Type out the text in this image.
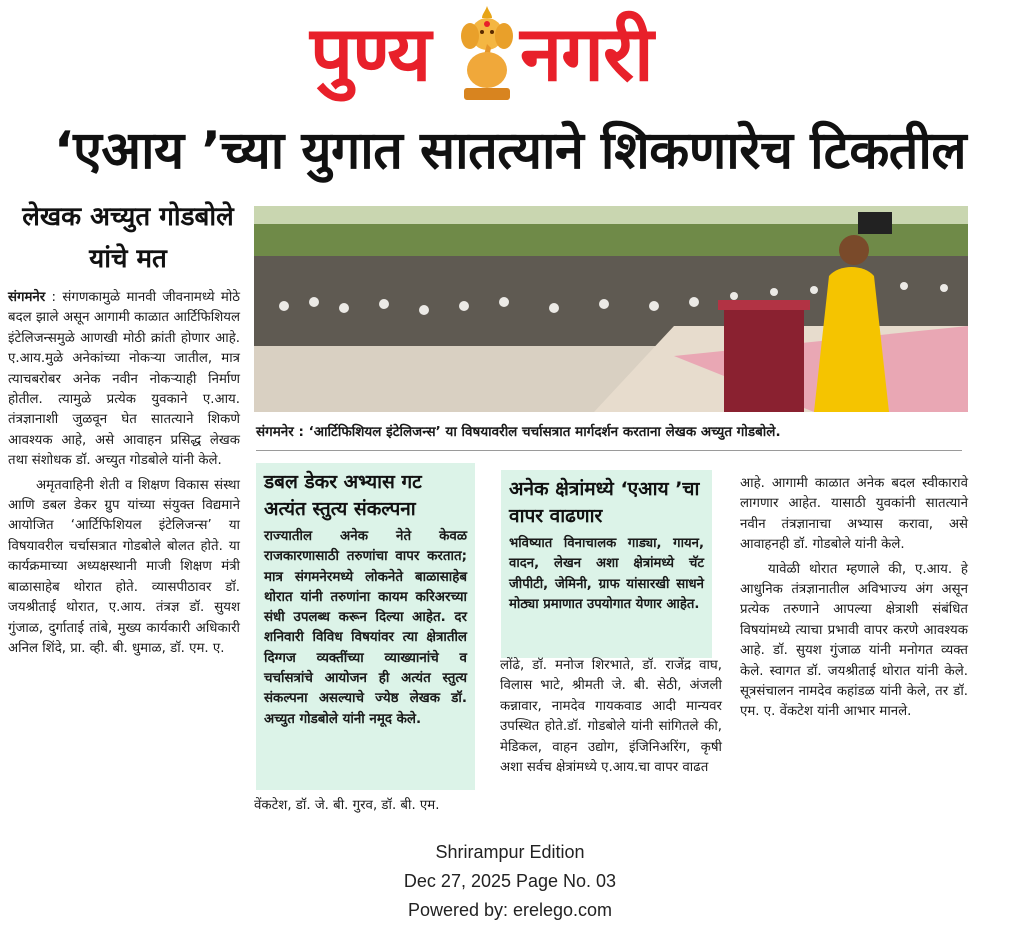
पुण्य नगरी
‘एआय ’च्या युगात सातत्याने शिकणारेच टिकतील
लेखक अच्युत गोडबोले यांचे मत

संगमनेर : संगणकामुळे मानवी जीवनामध्ये मोठे बदल झाले असून आगामी काळात आर्टिफिशियल इंटेलिजन्समुळे आणखी मोठी क्रांती होणार आहे. ए.आय.मुळे अनेकांच्या नोकऱ्या जातील, मात्र त्याचबरोबर अनेक नवीन नोकऱ्याही निर्माण होतील. त्यामुळे प्रत्येक युवकाने ए.आय. तंत्रज्ञानाशी जुळवून घेत सातत्याने शिकणे आवश्यक आहे, असे आवाहन प्रसिद्ध लेखक तथा संशोधक डॉ. अच्युत गोडबोले यांनी केले.

अमृतवाहिनी शेती व शिक्षण विकास संस्था आणि डबल डेकर ग्रुप यांच्या संयुक्त विद्यमाने आयोजित ‘आर्टिफिशियल इंटेलिजन्स’ या विषयावरील चर्चासत्रात गोडबोले बोलत होते. या कार्यक्रमाच्या अध्यक्षस्थानी माजी शिक्षण मंत्री बाळासाहेब थोरात होते. व्यासपीठावर डॉ. जयश्रीताई थोरात, ए.आय. तंत्रज्ञ डॉ. सुयश गुंजाळ, दुर्गाताई तांबे, मुख्य कार्यकारी अधिकारी अनिल शिंदे, प्रा. व्ही. बी. धुमाळ, डॉ. एम. ए.

संगमनेर : ‘आर्टिफिशियल इंटेलिजन्स’ या विषयावरील चर्चासत्रात मार्गदर्शन करताना लेखक अच्युत गोडबोले.
डबल डेकर अभ्यास गट अत्यंत स्तुत्य संकल्पना
राज्यातील अनेक नेते केवळ राजकारणासाठी तरुणांचा वापर करतात; मात्र संगमनेरमध्ये लोकनेते बाळासाहेब थोरात यांनी तरुणांना कायम करिअरच्या संधी उपलब्ध करून दिल्या आहेत. दर शनिवारी विविध विषयांवर त्या क्षेत्रातील दिग्गज व्यक्तींच्या व्याख्यानांचे व चर्चासत्रांचे आयोजन ही अत्यंत स्तुत्य संकल्पना असल्याचे ज्येष्ठ लेखक डॉ. अच्युत गोडबोले यांनी नमूद केले.
वेंकटेश, डॉ. जे. बी. गुरव, डॉ. बी. एम.
अनेक क्षेत्रांमध्ये ‘एआय ’चा वापर वाढणार
भविष्यात विनाचालक गाड्या, गायन, वादन, लेखन अशा क्षेत्रांमध्ये चॅट जीपीटी, जेमिनी, ग्राफ यांसारखी साधने मोठ्या प्रमाणात उपयोगात येणार आहेत.
लोंढे, डॉ. मनोज शिरभाते, डॉ. राजेंद्र वाघ, विलास भाटे, श्रीमती जे. बी. सेठी, अंजली कन्नावार, नामदेव गायकवाड आदी मान्यवर उपस्थित होते.डॉ. गोडबोले यांनी सांगितले की, मेडिकल, वाहन उद्योग, इंजिनिअरिंग, कृषी अशा सर्वच क्षेत्रांमध्ये ए.आय.चा वापर वाढत

आहे. आगामी काळात अनेक बदल स्वीकारावे लागणार आहेत. यासाठी युवकांनी सातत्याने नवीन तंत्रज्ञानाचा अभ्यास करावा, असे आवाहनही डॉ. गोडबोले यांनी केले.

यावेळी थोरात म्हणाले की, ए.आय. हे आधुनिक तंत्रज्ञानातील अविभाज्य अंग असून प्रत्येक तरुणाने आपल्या क्षेत्राशी संबंधित विषयांमध्ये त्याचा प्रभावी वापर करणे आवश्यक आहे. डॉ. सुयश गुंजाळ यांनी मनोगत व्यक्त केले. स्वागत डॉ. जयश्रीताई थोरात यांनी केले. सूत्रसंचालन नामदेव कहांडळ यांनी केले, तर डॉ. एम. ए. वेंकटेश यांनी आभार मानले.

Shrirampur Edition
Dec 27, 2025 Page No. 03
Powered by: erelego.com
